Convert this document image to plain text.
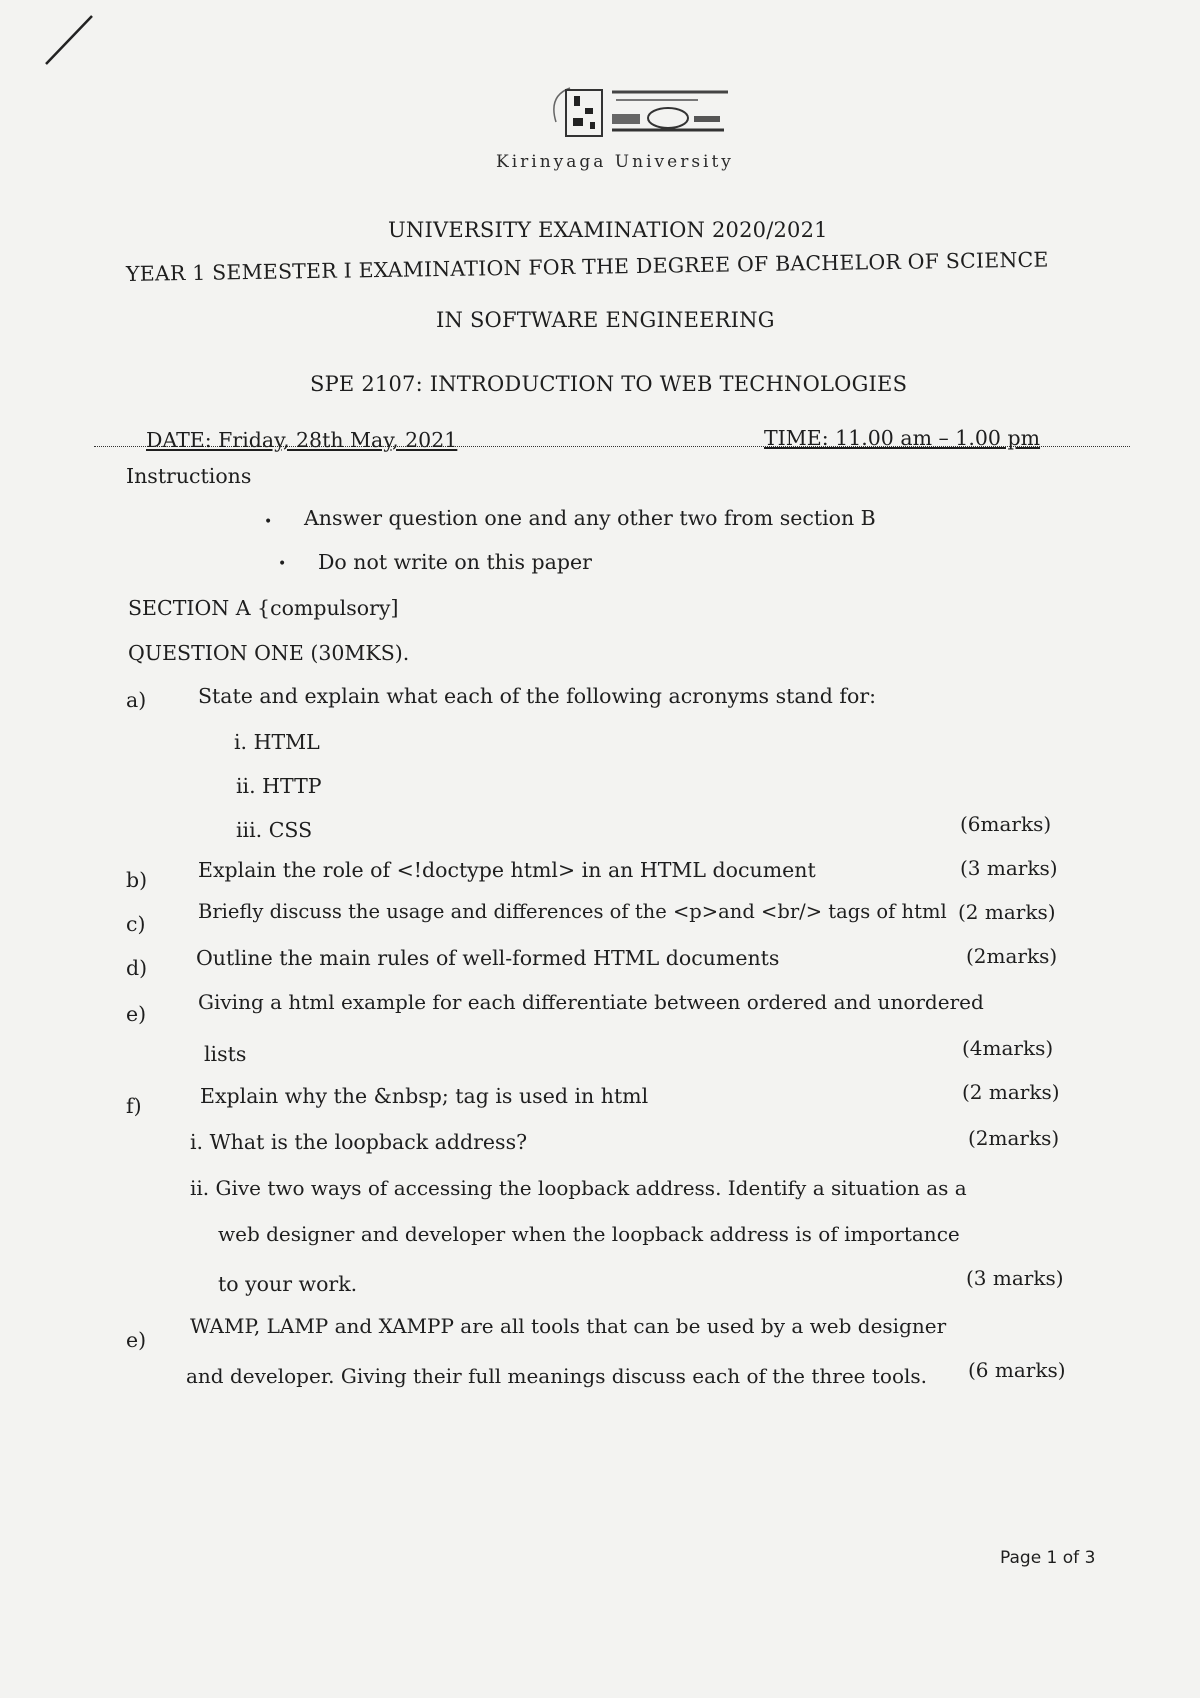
Kirinyaga University
UNIVERSITY EXAMINATION 2020/2021
YEAR 1 SEMESTER I EXAMINATION FOR THE DEGREE OF BACHELOR OF SCIENCE
IN SOFTWARE ENGINEERING
SPE 2107: INTRODUCTION TO WEB TECHNOLOGIES
DATE: Friday, 28th May, 2021	TIME: 11.00 am – 1.00 pm
Instructions
• Answer question one and any other two from section B
• Do not write on this paper
SECTION A {compulsory]
QUESTION ONE (30MKS).
a)	State and explain what each of the following acronyms stand for:
i. HTML
ii. HTTP
iii. CSS	(6marks)
b) Explain the role of <!doctype html> in an HTML document	(3 marks)
c)
Briefly discuss the usage and differences of the <p>and <br/> tags of html (2 marks)
d) Outline the main rules of well-formed HTML documents	(2marks)
e)	Giving a html example for each differentiate between ordered and unordered
lists	(4marks)
f)	Explain why the &nbsp; tag is used in html	(2 marks)
i. What is the loopback address?	(2marks)
ii. Give two ways of accessing the loopback address. Identify a situation as a
web designer and developer when the loopback address is of importance
to your work.	(3 marks)
e)
WAMP, LAMP and XAMPP are all tools that can be used by a web designer
and developer. Giving their full meanings discuss each of the three tools. (6 marks)
Page 1 of 3
